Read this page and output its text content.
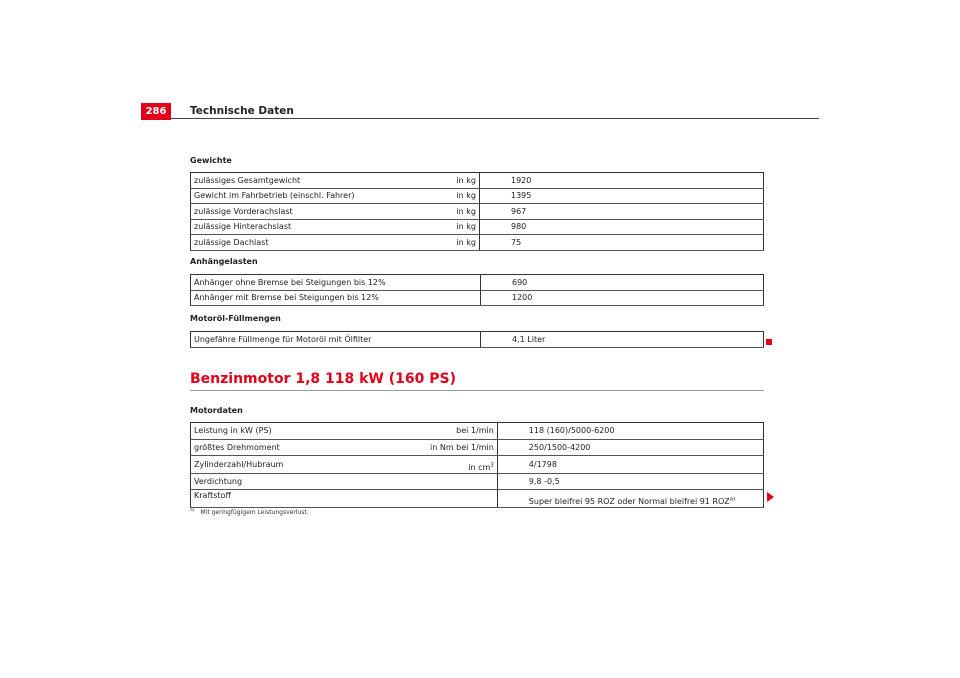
286 Technische Daten
Gewichte
zulässiges Gesamtgewicht	in kg	1920
Gewicht im Fahrbetrieb (einschl. Fahrer)	in kg	1395
zulässige Vorderachslast	in kg	967
zulässige Hinterachslast	in kg	980
zulässige Dachlast	in kg	75
Anhängelasten
Anhänger ohne Bremse bei Steigungen bis 12%	690
Anhänger mit Bremse bei Steigungen bis 12%	1200
Motoröl-Füllmengen
Ungefähre Füllmenge für Motoröl mit Ölfilter	4,1 Liter
Benzinmotor 1,8 118 kW (160 PS)
Motordaten
Leistung in kW (PS)	bei 1/min	118 (160)/5000-6200
größtes Drehmoment	in Nm bei 1/min	250/1500-4200
Zylinderzahl/Hubraum	in $cm^3$	4/1798
Verdichtung		9,8 -0,5
Kraftstoff		Super bleifrei 95 ROZ oder Normal bleifrei 91 ROZ$^{a)}$
$^{a)}$ Mit geringfügigem Leistungsverlust.
